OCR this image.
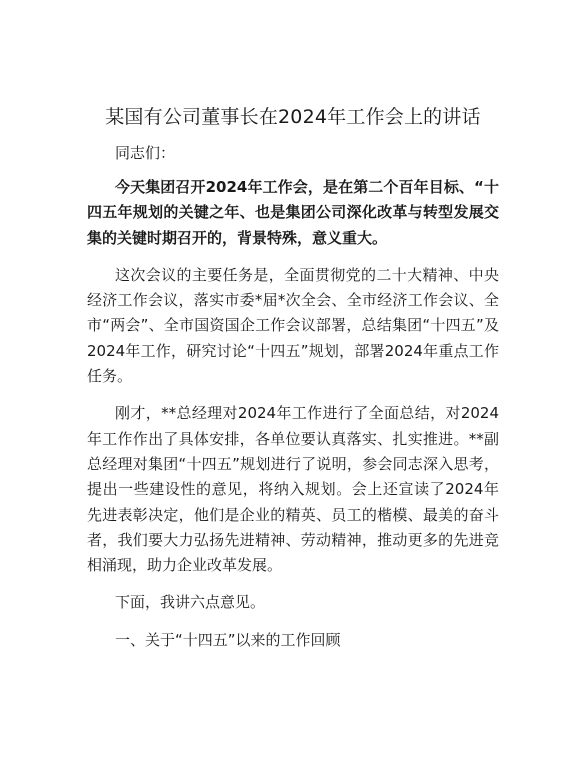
某国有公司董事长在2024年工作会上的讲话

同志们：

今天集团召开2024年工作会，是在第二个百年目标、“十四五年规划的关键之年、也是集团公司深化改革与转型发展交集的关键时期召开的，背景特殊，意义重大。

这次会议的主要任务是，全面贯彻党的二十大精神、中央经济工作会议，落实市委*届*次全会、全市经济工作会议、全市“两会”、全市国资国企工作会议部署，总结集团“十四五”及2024年工作，研究讨论“十四五”规划，部署2024年重点工作任务。

刚才，**总经理对2024年工作进行了全面总结，对2024年工作作出了具体安排，各单位要认真落实、扎实推进。**副总经理对集团“十四五”规划进行了说明，参会同志深入思考，提出一些建设性的意见，将纳入规划。会上还宣读了2024年先进表彰决定，他们是企业的精英、员工的楷模、最美的奋斗者，我们要大力弘扬先进精神、劳动精神，推动更多的先进竞相涌现，助力企业改革发展。

下面，我讲六点意见。

一、关于“十四五”以来的工作回顾
